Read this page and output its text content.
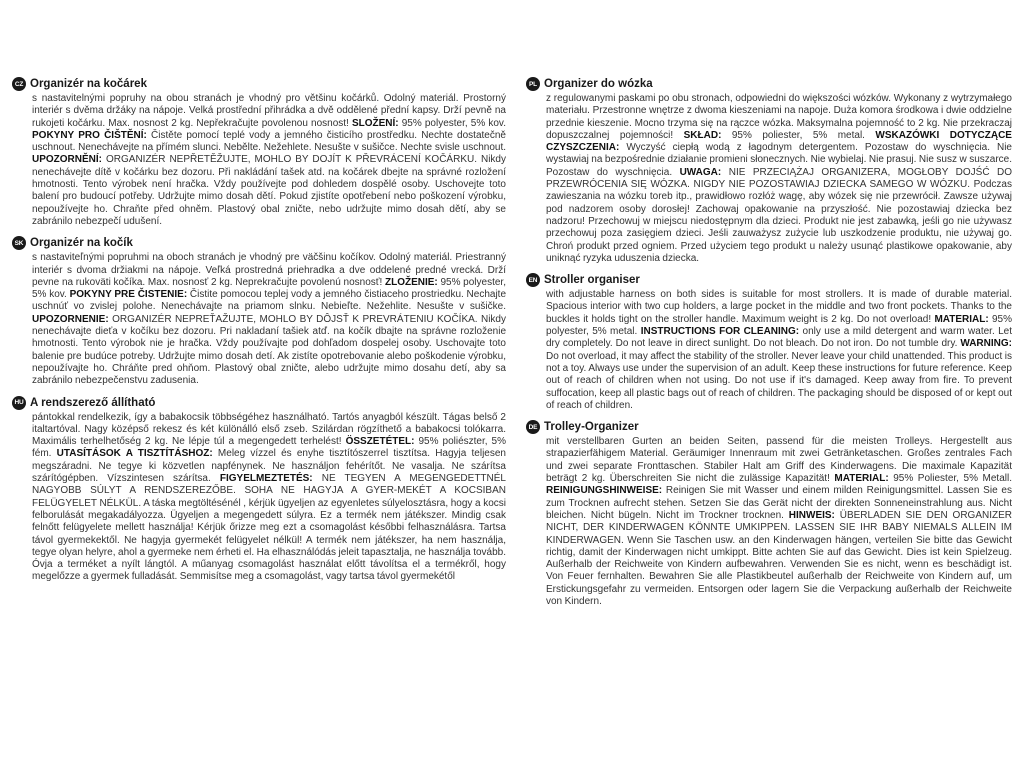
CZ Organizér na kočárek
s nastavitelnými popruhy na obou stranách je vhodný pro většinu kočárků. Odolný materiál. Prostorný interiér s dvěma držáky na nápoje. Velká prostřední přihrádka a dvě oddělené přední kapsy. Drží pevně na rukojeti kočárku. Max. nosnost 2 kg. Nepřekračujte povolenou nosnost! SLOŽENÍ: 95% polyester, 5% kov. POKYNY PRO ČIŠTĚNÍ: Čistěte pomocí teplé vody a jemného čisticího prostředku. Nechte dostatečně uschnout. Nenechávejte na přímém slunci. Nebělte. Nežehlete. Nesušte v sušičce. Nechte svisle uschnout. UPOZORNĚNÍ: ORGANIZÉR NEPŘETĚŽUJTE, MOHLO BY DOJÍT K PŘEVRÁCENÍ KOČÁRKU. Nikdy nenechávejte dítě v kočárku bez dozoru. Při nakládání tašek atd. na kočárek dbejte na správné rozložení hmotnosti. Tento výrobek není hračka. Vždy používejte pod dohledem dospělé osoby. Uschovejte toto balení pro budoucí potřeby. Udržujte mimo dosah dětí. Pokud zjistíte opotřebení nebo poškození výrobku, nepoužívejte ho. Chraňte před ohněm. Plastový obal zničte, nebo udržujte mimo dosah dětí, aby se zabránilo nebezpečí udušení.
SK Organizér na kočík
s nastaviteľnými popruhmi na oboch stranách je vhodný pre väčšinu kočíkov. Odolný materiál. Priestranný interiér s dvoma držiakmi na nápoje. Veľká prostredná priehradka a dve oddelené predné vrecká. Drží pevne na rukoväti kočíka. Max. nosnosť 2 kg. Neprekračujte povolenú nosnosť! ZLOŽENIE: 95% polyester, 5% kov. POKYNY PRE ČISTENIE: Čistite pomocou teplej vody a jemného čistiaceho prostriedku. Nechajte uschnúť vo zvislej polohe. Nenechávajte na priamom slnku. Nebieľte. Nežehlite. Nesušte v sušičke. UPOZORNENIE: ORGANIZÉR NEPREŤAŽUJTE, MOHLO BY DÔJSŤ K PREVRÁTENIU KOČÍKA. Nikdy nenechávajte dieťa v kočíku bez dozoru. Pri nakladaní tašiek atď. na kočík dbajte na správne rozloženie hmotnosti. Tento výrobok nie je hračka. Vždy používajte pod dohľadom dospelej osoby. Uschovajte toto balenie pre budúce potreby. Udržujte mimo dosah detí. Ak zistíte opotrebovanie alebo poškodenie výrobku, nepoužívajte ho. Chráňte pred ohňom. Plastový obal zničte, alebo udržujte mimo dosahu detí, aby sa zabránilo nebezpečenstvu zadusenia.
HU A rendszerező állítható
pántokkal rendelkezik, így a babakocsik többségéhez használható. Tartós anyagból készült. Tágas belső 2 italtartóval. Nagy középső rekesz és két különálló első zseb. Szilárdan rögzíthető a babakocsi tolókarra. Maximális terhelhetőség 2 kg. Ne lépje túl a megengedett terhelést! ÖSSZETÉTEL: 95% poliészter, 5% fém. UTASÍTÁSOK A TISZTÍTÁSHOZ: Meleg vízzel és enyhe tisztítószerrel tisztítsa. Hagyja teljesen megszáradni. Ne tegye ki közvetlen napfénynek. Ne használjon fehérítőt. Ne vasalja. Ne szárítsa szárítógépben. Vízszintesen szárítsa. FIGYELMEZTETÉS: NE TEGYEN A MEGENGEDETTNÉL NAGYOBB SÚLYT A RENDSZEREZŐBE. SOHA NE HAGYJA A GYER-MEKÉT A KOCSIBAN FELÜGYELET NÉLKÜL. A táska megtöltésénél , kérjük ügyeljen az egyenletes súlyelosztásra, hogy a kocsi felborulását megakadályozza. Ügyeljen a megengedett súlyra. Ez a termék nem játékszer. Mindig csak felnőtt felügyelete mellett használja! Kérjük őrizze meg ezt a csomagolást későbbi felhasználásra. Tartsa távol gyermekektől. Ne hagyja gyermekét felügyelet nélkül! A termék nem játékszer, ha nem használja, tegye olyan helyre, ahol a gyermeke nem érheti el. Ha elhasználódás jeleit tapasztalja, ne használja tovább. Óvja a terméket a nyílt lángtól. A műanyag csomagolást használat előtt távolítsa el a termékről, hogy megelőzze a gyermek fulladását. Semmisítse meg a csomagolást, vagy tartsa távol gyermekétől
PL Organizer do wózka
z regulowanymi paskami po obu stronach, odpowiedni do większości wózków. Wykonany z wytrzymałego materiału. Przestronne wnętrze z dwoma kieszeniami na napoje. Duża komora środkowa i dwie oddzielne przednie kieszenie. Mocno trzyma się na rączce wózka. Maksymalna pojemność to 2 kg. Nie przekraczaj dopuszczalnej pojemności! SKŁAD: 95% poliester, 5% metal. WSKAZÓWKI DOTYCZĄCE CZYSZCZENIA: Wyczyść ciepłą wodą z łagodnym detergentem. Pozostaw do wyschnięcia. Nie wystawiaj na bezpośrednie działanie promieni słonecznych. Nie wybielaj. Nie prasuj. Nie susz w suszarce. Pozostaw do wyschnięcia. UWAGA: NIE PRZECIĄŻAJ ORGANIZERA, MOGŁOBY DOJŚĆ DO PRZEWRÓCENIA SIĘ WÓZKA. NIGDY NIE POZOSTAWIAJ DZIECKA SAMEGO W WÓZKU. Podczas zawieszania na wózku toreb itp., prawidłowo rozłóż wagę, aby wózek się nie przewrócił. Zawsze używaj pod nadzorem osoby dorosłej! Zachowaj opakowanie na przyszłość. Nie pozostawiaj dziecka bez nadzoru! Przechowuj w miejscu niedostępnym dla dzieci. Produkt nie jest zabawką, jeśli go nie używasz przechowuj poza zasięgiem dzieci. Jeśli zauważysz zużycie lub uszkodzenie produktu, nie używaj go. Chroń produkt przed ogniem. Przed użyciem tego produkt u należy usunąć plastikowe opakowanie, aby uniknąć ryzyka uduszenia dziecka.
EN Stroller organiser
with adjustable harness on both sides is suitable for most strollers. It is made of durable material. Spacious interior with two cup holders, a large pocket in the middle and two front pockets. Thanks to the buckles it holds tight on the stroller handle. Maximum weight is 2 kg. Do not overload! MATERIAL: 95% polyester, 5% metal. INSTRUCTIONS FOR CLEANING: only use a mild detergent and warm water. Let dry completely. Do not leave in direct sunlight. Do not bleach. Do not iron. Do not tumble dry. WARNING: Do not overload, it may affect the stability of the stroller. Never leave your child unattended. This product is not a toy. Always use under the supervision of an adult. Keep these instructions for future reference. Keep out of reach of children when not using. Do not use if it's damaged. Keep away from fire. To prevent suffocation, keep all plastic bags out of reach of children. The packaging should be disposed of or kept out of reach of children.
DE Trolley-Organizer
mit verstellbaren Gurten an beiden Seiten, passend für die meisten Trolleys. Hergestellt aus strapazierfähigem Material. Geräumiger Innenraum mit zwei Getränketaschen. Großes zentrales Fach und zwei separate Fronttaschen. Stabiler Halt am Griff des Kinderwagens. Die maximale Kapazität beträgt 2 kg. Überschreiten Sie nicht die zulässige Kapazität! MATERIAL: 95% Poliester, 5% Metall. REINIGUNGSHINWEISE: Reinigen Sie mit Wasser und einem milden Reinigungsmittel. Lassen Sie es zum Trocknen aufrecht stehen. Setzen Sie das Gerät nicht der direkten Sonneneinstrahlung aus. Nicht bleichen. Nicht bügeln. Nicht im Trockner trocknen. HINWEIS: ÜBERLADEN SIE DEN ORGANIZER NICHT, DER KINDERWAGEN KÖNNTE UMKIPPEN. LASSEN SIE IHR BABY NIEMALS ALLEIN IM KINDERWAGEN. Wenn Sie Taschen usw. an den Kinderwagen hängen, verteilen Sie bitte das Gewicht richtig, damit der Kinderwagen nicht umkippt. Bitte achten Sie auf das Gewicht. Dies ist kein Spielzeug. Außerhalb der Reichweite von Kindern aufbewahren. Verwenden Sie es nicht, wenn es beschädigt ist. Von Feuer fernhalten. Bewahren Sie alle Plastikbeutel außerhalb der Reichweite von Kindern auf, um Erstickungsgefahr zu vermeiden. Entsorgen oder lagern Sie die Verpackung außerhalb der Reichweite von Kindern.
